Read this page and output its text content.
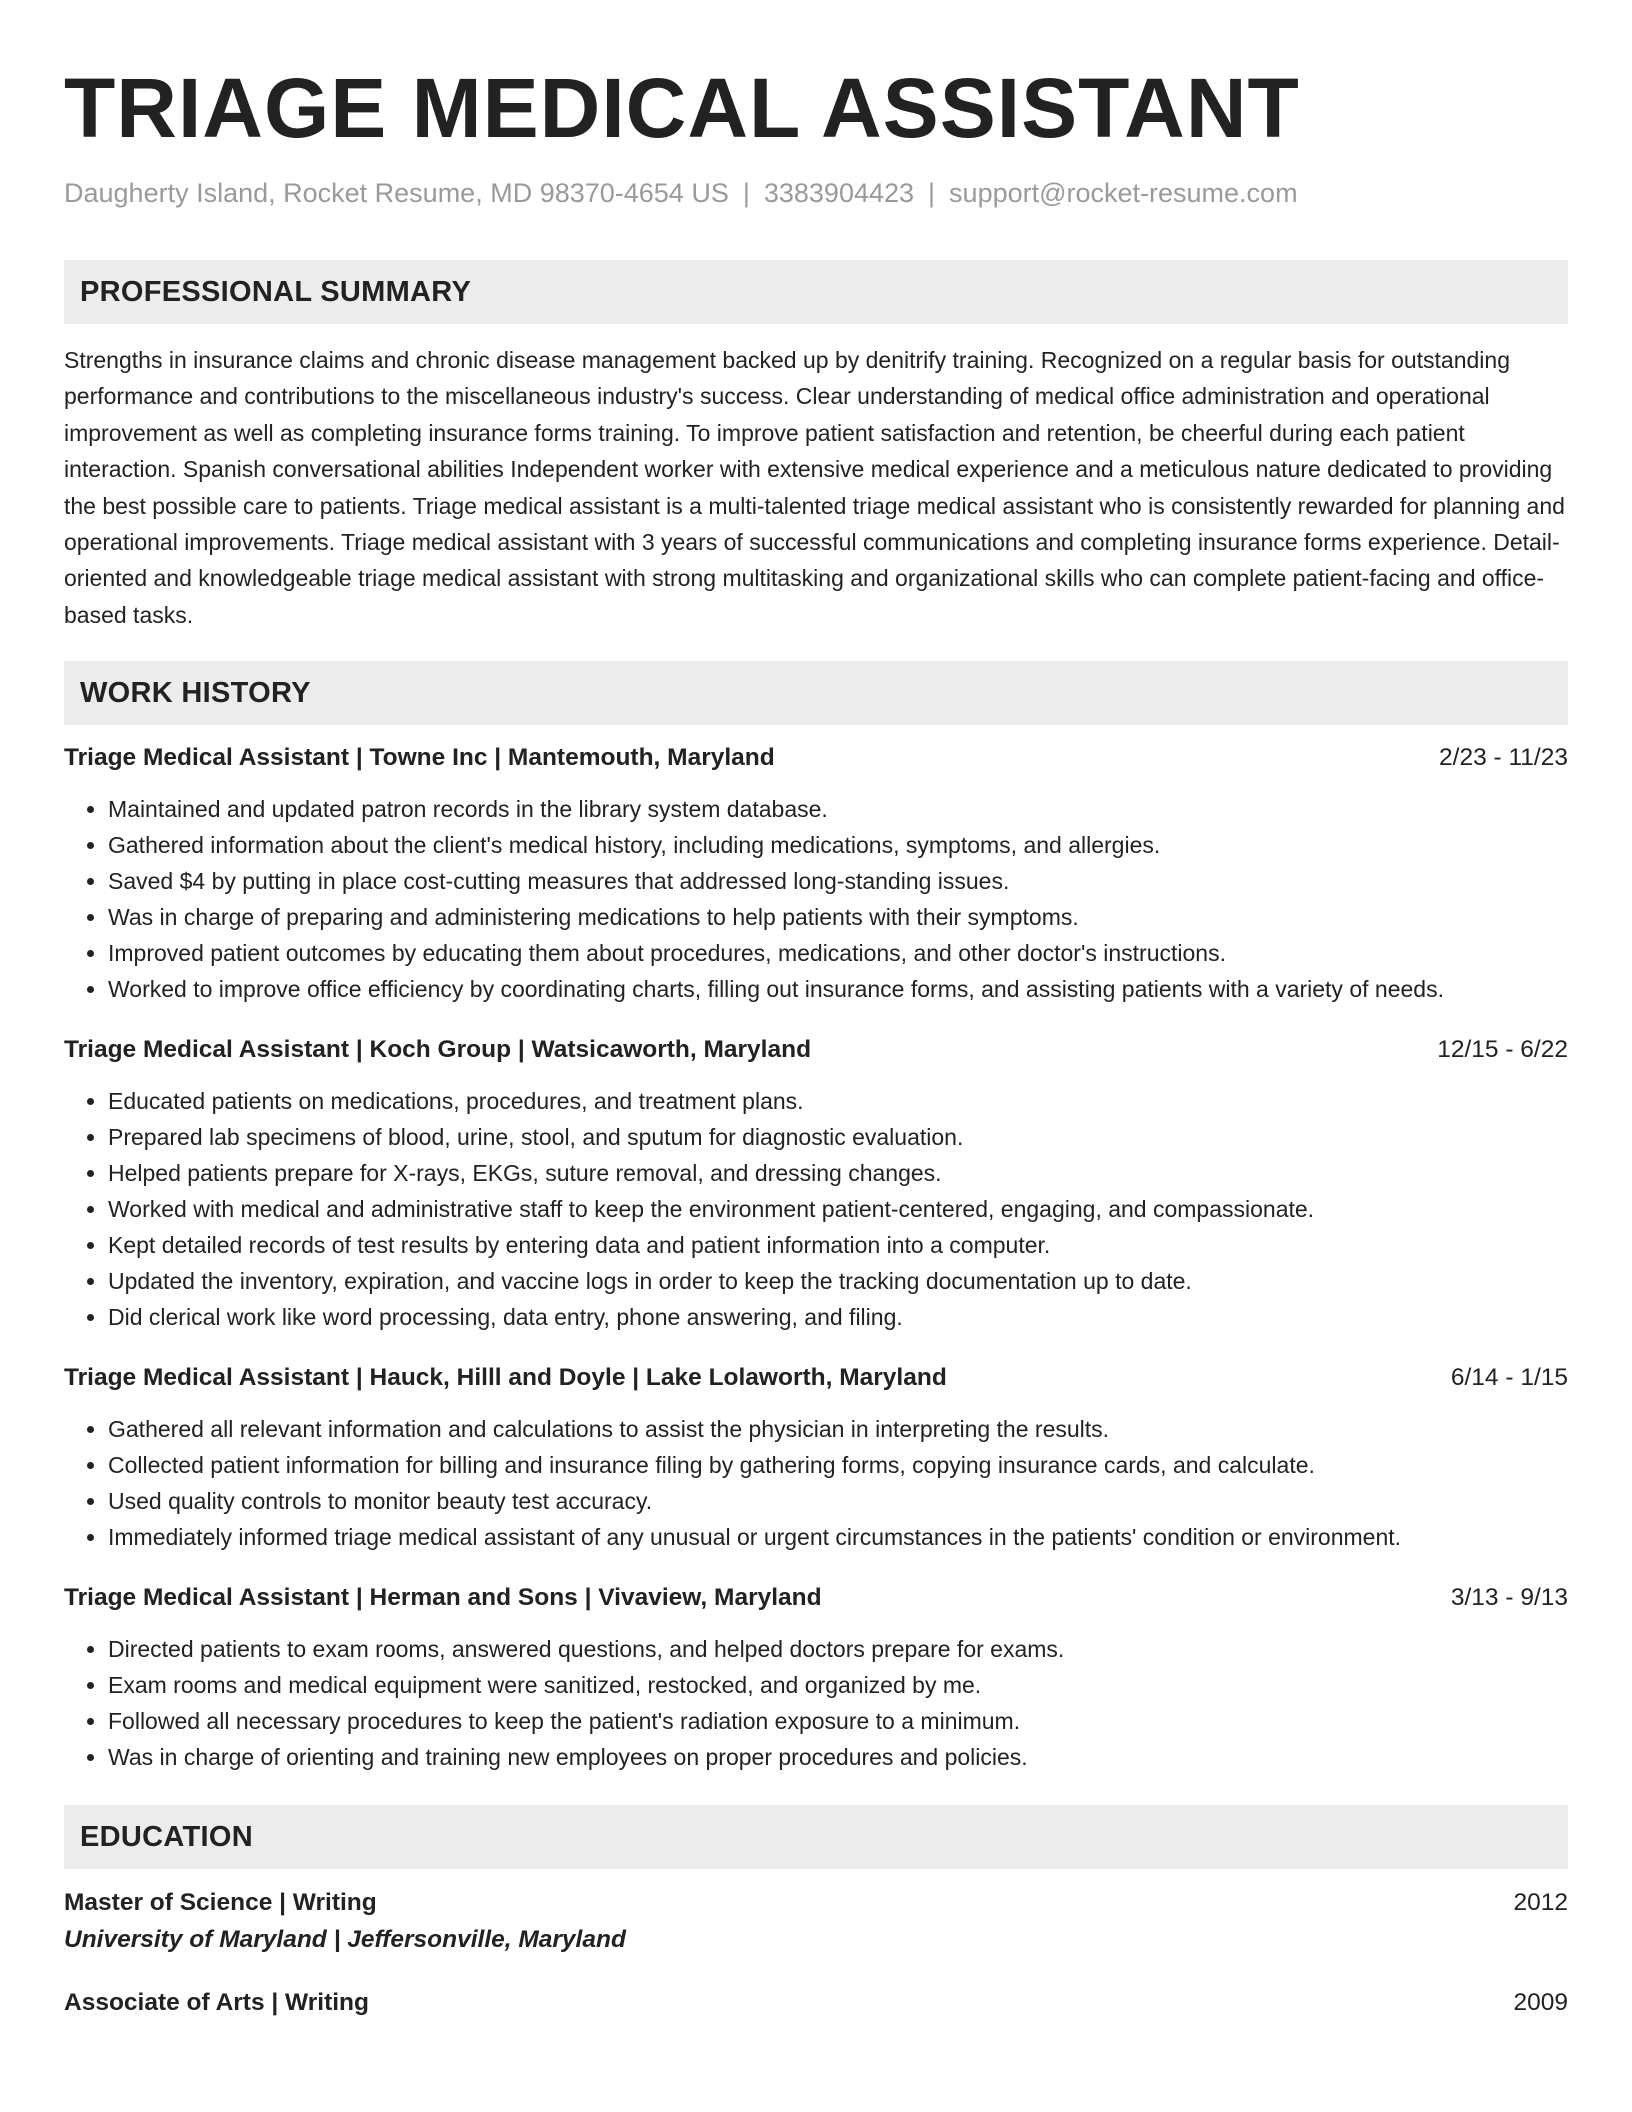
TRIAGE MEDICAL ASSISTANT
Daugherty Island, Rocket Resume, MD 98370-4654 US | 3383904423 | support@rocket-resume.com
PROFESSIONAL SUMMARY
Strengths in insurance claims and chronic disease management backed up by denitrify training. Recognized on a regular basis for outstanding performance and contributions to the miscellaneous industry's success. Clear understanding of medical office administration and operational improvement as well as completing insurance forms training. To improve patient satisfaction and retention, be cheerful during each patient interaction. Spanish conversational abilities Independent worker with extensive medical experience and a meticulous nature dedicated to providing the best possible care to patients. Triage medical assistant is a multi-talented triage medical assistant who is consistently rewarded for planning and operational improvements. Triage medical assistant with 3 years of successful communications and completing insurance forms experience. Detail-oriented and knowledgeable triage medical assistant with strong multitasking and organizational skills who can complete patient-facing and office-based tasks.
WORK HISTORY
Triage Medical Assistant | Towne Inc | Mantemouth, Maryland	2/23 - 11/23
• Maintained and updated patron records in the library system database.
• Gathered information about the client's medical history, including medications, symptoms, and allergies.
• Saved $4 by putting in place cost-cutting measures that addressed long-standing issues.
• Was in charge of preparing and administering medications to help patients with their symptoms.
• Improved patient outcomes by educating them about procedures, medications, and other doctor's instructions.
• Worked to improve office efficiency by coordinating charts, filling out insurance forms, and assisting patients with a variety of needs.
Triage Medical Assistant | Koch Group | Watsicaworth, Maryland	12/15 - 6/22
• Educated patients on medications, procedures, and treatment plans.
• Prepared lab specimens of blood, urine, stool, and sputum for diagnostic evaluation.
• Helped patients prepare for X-rays, EKGs, suture removal, and dressing changes.
• Worked with medical and administrative staff to keep the environment patient-centered, engaging, and compassionate.
• Kept detailed records of test results by entering data and patient information into a computer.
• Updated the inventory, expiration, and vaccine logs in order to keep the tracking documentation up to date.
• Did clerical work like word processing, data entry, phone answering, and filing.
Triage Medical Assistant | Hauck, Hilll and Doyle | Lake Lolaworth, Maryland	6/14 - 1/15
• Gathered all relevant information and calculations to assist the physician in interpreting the results.
• Collected patient information for billing and insurance filing by gathering forms, copying insurance cards, and calculate.
• Used quality controls to monitor beauty test accuracy.
• Immediately informed triage medical assistant of any unusual or urgent circumstances in the patients' condition or environment.
Triage Medical Assistant | Herman and Sons | Vivaview, Maryland	3/13 - 9/13
• Directed patients to exam rooms, answered questions, and helped doctors prepare for exams.
• Exam rooms and medical equipment were sanitized, restocked, and organized by me.
• Followed all necessary procedures to keep the patient's radiation exposure to a minimum.
• Was in charge of orienting and training new employees on proper procedures and policies.
EDUCATION
Master of Science | Writing	2012
University of Maryland | Jeffersonville, Maryland
Associate of Arts | Writing	2009
